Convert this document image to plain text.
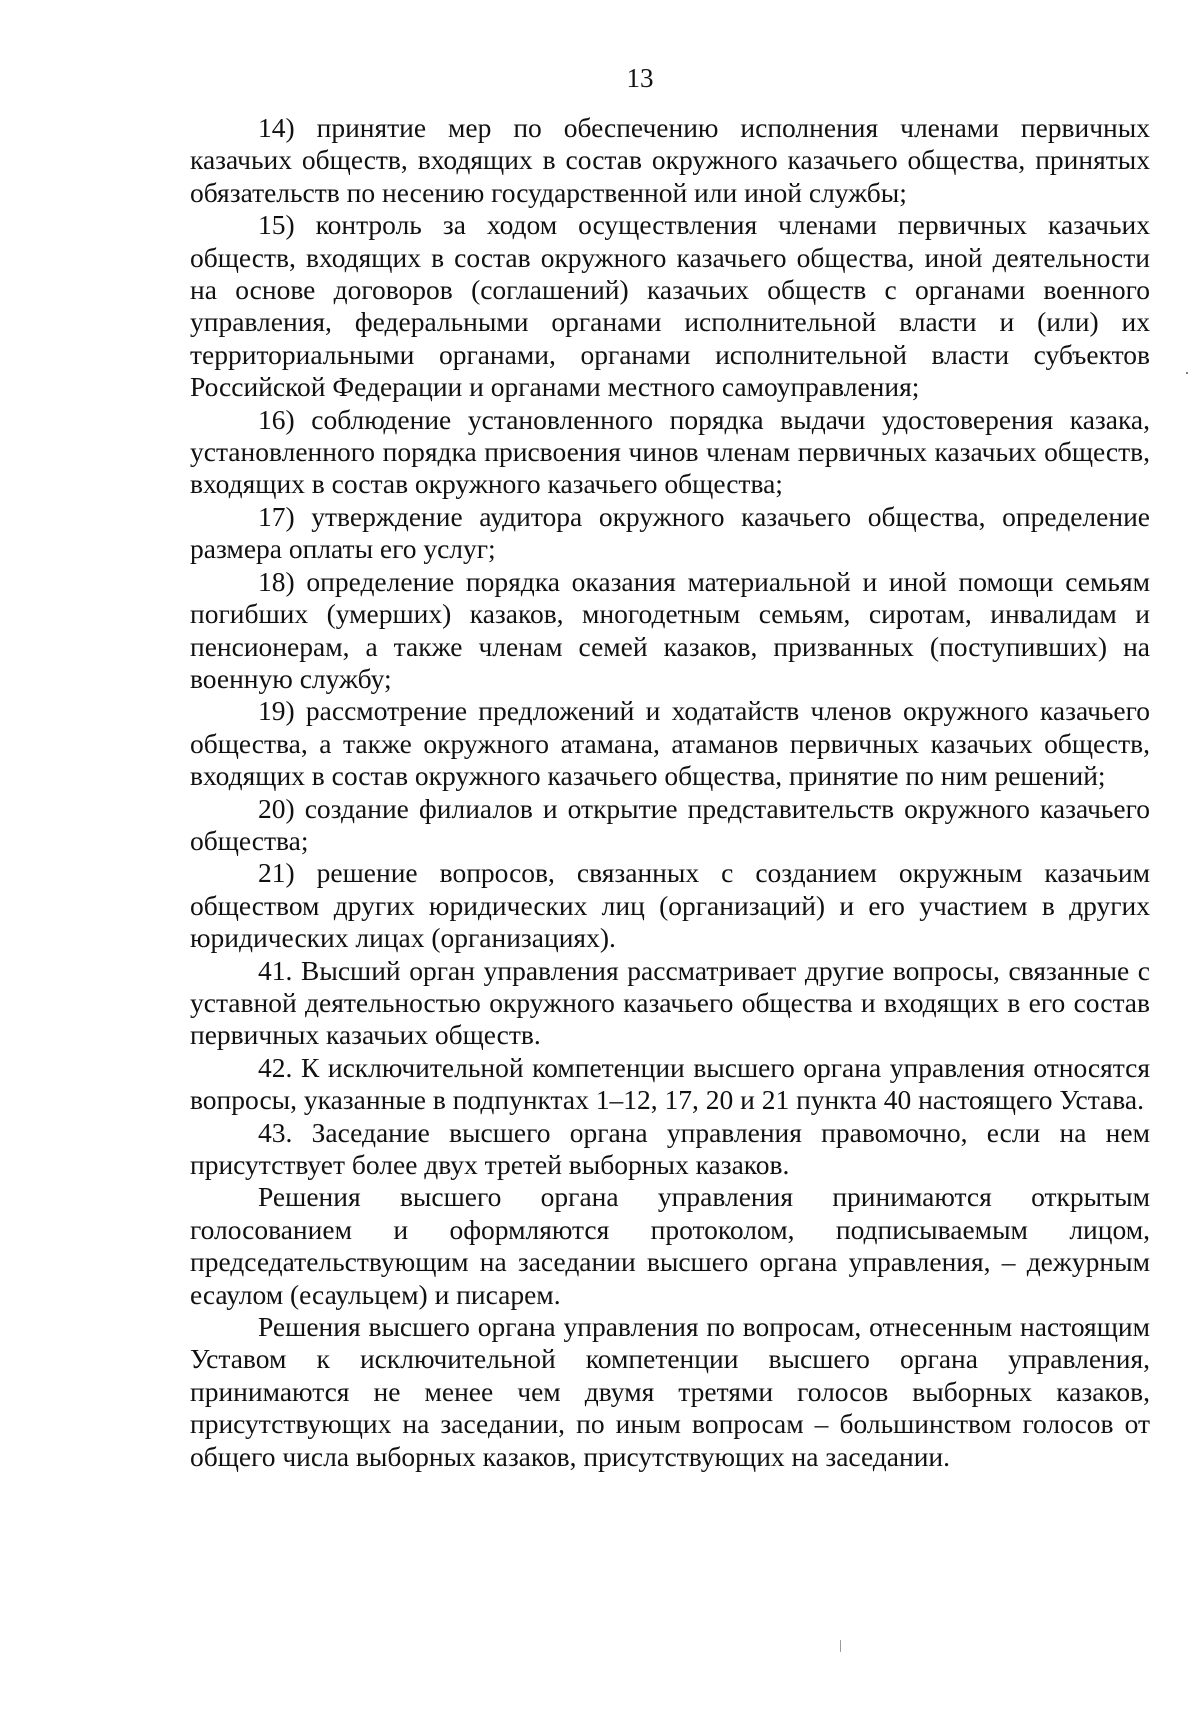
13

14) принятие мер по обеспечению исполнения членами первичных казачьих обществ, входящих в состав окружного казачьего общества, принятых обязательств по несению государственной или иной службы;

15) контроль за ходом осуществления членами первичных казачьих обществ, входящих в состав окружного казачьего общества, иной деятельности на основе договоров (соглашений) казачьих обществ с органами военного управления, федеральными органами исполнительной власти и (или) их территориальными органами, органами исполнительной власти субъектов Российской Федерации и органами местного самоуправления;

16) соблюдение установленного порядка выдачи удостоверения казака, установленного порядка присвоения чинов членам первичных казачьих обществ, входящих в состав окружного казачьего общества;

17) утверждение аудитора окружного казачьего общества, определение размера оплаты его услуг;

18) определение порядка оказания материальной и иной помощи семьям погибших (умерших) казаков, многодетным семьям, сиротам, инвалидам и пенсионерам, а также членам семей казаков, призванных (поступивших) на военную службу;

19) рассмотрение предложений и ходатайств членов окружного казачьего общества, а также окружного атамана, атаманов первичных казачьих обществ, входящих в состав окружного казачьего общества, принятие по ним решений;

20) создание филиалов и открытие представительств окружного казачьего общества;

21) решение вопросов, связанных с созданием окружным казачьим обществом других юридических лиц (организаций) и его участием в других юридических лицах (организациях).

41. Высший орган управления рассматривает другие вопросы, связанные с уставной деятельностью окружного казачьего общества и входящих в его состав первичных казачьих обществ.

42. К исключительной компетенции высшего органа управления относятся вопросы, указанные в подпунктах 1–12, 17, 20 и 21 пункта 40 настоящего Устава.

43. Заседание высшего органа управления правомочно, если на нем присутствует более двух третей выборных казаков.

Решения высшего органа управления принимаются открытым голосованием и оформляются протоколом, подписываемым лицом, председательствующим на заседании высшего органа управления, – дежурным есаулом (есаульцем) и писарем.

Решения высшего органа управления по вопросам, отнесенным настоящим Уставом к исключительной компетенции высшего органа управления, принимаются не менее чем двумя третями голосов выборных казаков, присутствующих на заседании, по иным вопросам – большинством голосов от общего числа выборных казаков, присутствующих на заседании.
